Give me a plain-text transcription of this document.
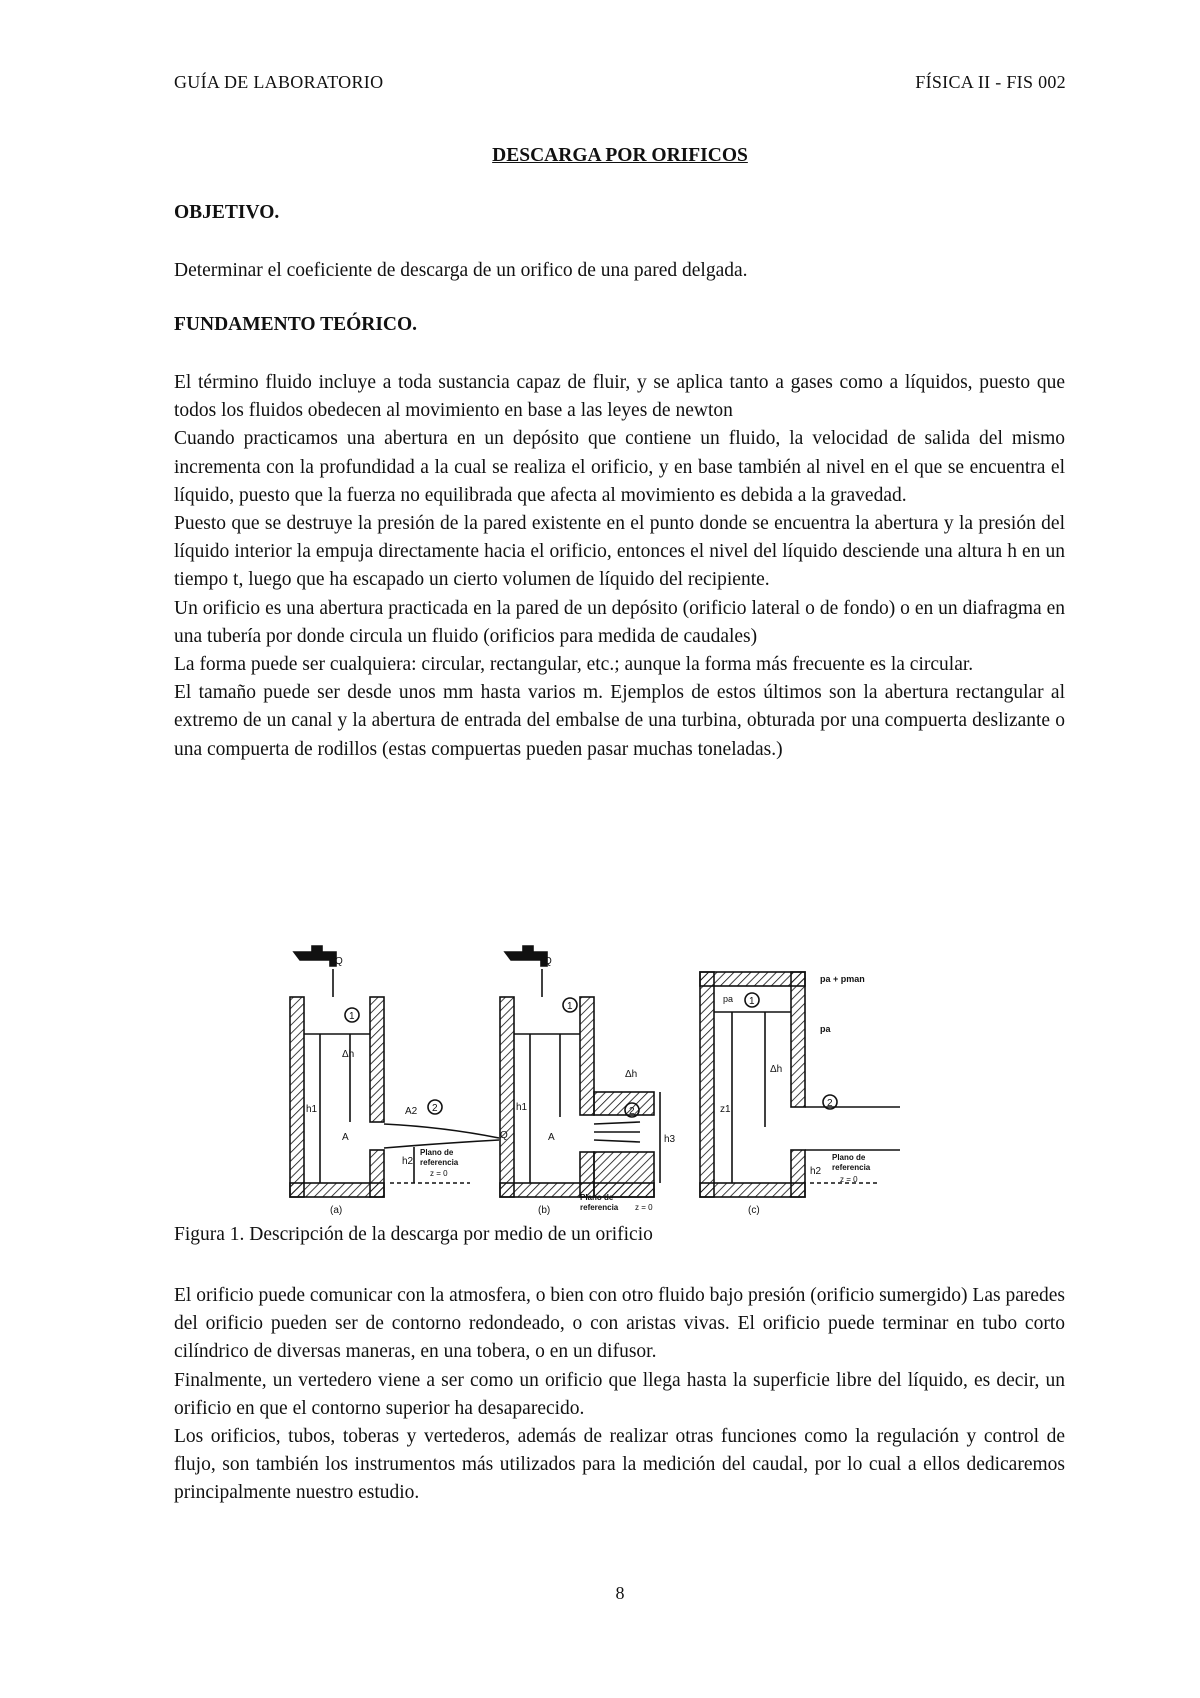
GUÍA DE LABORATORIO	FÍSICA II - FIS 002
DESCARGA POR ORIFICOS
OBJETIVO.

Determinar el coeficiente de descarga de un orifico de una pared delgada.

FUNDAMENTO TEÓRICO.

El término fluido incluye a toda sustancia capaz de fluir, y se aplica tanto a gases como a líquidos, puesto que todos los fluidos obedecen al movimiento en base a las leyes de newton

Cuando practicamos una abertura en un depósito que contiene un fluido, la velocidad de salida del mismo incrementa con la profundidad a la cual se realiza el orificio, y en base también al nivel en el que se encuentra el líquido, puesto que la fuerza no equilibrada que afecta al movimiento es debida a la gravedad.

Puesto que se destruye la presión de la pared existente en el punto donde se encuentra la abertura y la presión del líquido interior la empuja directamente hacia el orificio, entonces el nivel del líquido desciende una altura h en un tiempo t, luego que ha escapado un cierto volumen de líquido del recipiente.

Un orificio es una abertura practicada en la pared de un depósito (orificio lateral o de fondo) o en un diafragma en una tubería por donde circula un fluido (orificios para medida de caudales)

La forma puede ser cualquiera: circular, rectangular, etc.; aunque la forma más frecuente es la circular.

El tamaño puede ser desde unos mm hasta varios m. Ejemplos de estos últimos son la abertura rectangular al extremo de un canal y la abertura de entrada del embalse de una turbina, obturada por una compuerta deslizante o una compuerta de rodillos (estas compuertas pueden pasar muchas toneladas.)

Q
1
2
Δh
h1
A
A2
Q
h2
Plano de
referencia
z = 0
(a)
Q
1
2
Δh
h1
A	h3
Plano de
referencia z = 0
(b)
pa 1
2
Δh
z1
pa + pman
pa
h2
Plano de
referencia
z = 0
(c)
Figura 1. Descripción de la descarga por medio de un orificio

El orificio puede comunicar con la atmosfera, o bien con otro fluido bajo presión (orificio sumergido) Las paredes del orificio pueden ser de contorno redondeado, o con aristas vivas. El orificio puede terminar en tubo corto cilíndrico de diversas maneras, en una tobera, o en un difusor.

Finalmente, un vertedero viene a ser como un orificio que llega hasta la superficie libre del líquido, es decir, un orificio en que el contorno superior ha desaparecido.

Los orificios, tubos, toberas y vertederos, además de realizar otras funciones como la regulación y control de flujo, son también los instrumentos más utilizados para la medición del caudal, por lo cual a ellos dedicaremos principalmente nuestro estudio.

8
